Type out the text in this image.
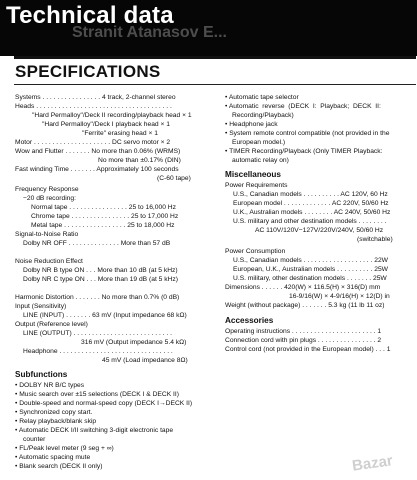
Technical data
Stranit Atanasov E...
SPECIFICATIONS
Systems . . . . . . . . . . . . . . . . 4 track, 2-channel stereo
Heads . . . . . . . . . . . . . . . . . . . . . . . . . . . . . . . . . . . . .
"Hard Permalloy"/Deck II recording/playback head × 1
"Hard Permalloy"/Deck I playback head × 1
"Ferrite" erasing head × 1
Motor . . . . . . . . . . . . . . . . . . . . . DC servo motor × 2
Wow and Flutter . . . . . . . No more than 0.06% (WRMS)
No more than ±0.17% (DIN)
Fast winding Time . . . . . . . Approximately 100 seconds
(C-60 tape)
Frequency Response
−20 dB recording:
Normal tape . . . . . . . . . . . . . . . . 25 to 16,000 Hz
Chrome tape . . . . . . . . . . . . . . . . 25 to 17,000 Hz
Metal tape . . . . . . . . . . . . . . . . . 25 to 18,000 Hz
Signal-to-Noise Ratio
Dolby NR OFF . . . . . . . . . . . . . . More than 57 dB
Noise Reduction Effect
Dolby NR B type ON . . . More than 10 dB (at 5 kHz)
Dolby NR C type ON . . . More than 19 dB (at 5 kHz)
Harmonic Distortion . . . . . . . No more than 0.7% (0 dB)
Input (Sensitivity)
LINE (INPUT) . . . . . . . 63 mV (Input impedance 68 kΩ)
Output (Reference level)
LINE (OUTPUT) . . . . . . . . . . . . . . . . . . . . . . . . . . .
316 mV (Output impedance 5.4 kΩ)
Headphone . . . . . . . . . . . . . . . . . . . . . . . . . . . . . . .
45 mV (Load impedance 8Ω)
Subfunctions
• DOLBY NR B/C types
• Music search over ±15 selections (DECK I & DECK II)
• Double-speed and normal-speed copy (DECK I→DECK II)
• Synchronized copy start.
• Relay playback/blank skip
• Automatic DECK I/II switching 3-digit electronic tape
counter
• FL/Peak level meter (9 seg + ∞)
• Automatic spacing mute
• Blank search (DECK II only)
• Automatic tape selector
• Automatic  reverse  (DECK  I:  Playback;  DECK  II:
Recording/Playback)
• Headphone jack
• System remote control compatible (not provided in the
European model.)
• TIMER Recording/Playback (Only TIMER Playback:
automatic relay on)
Miscellaneous
Power Requirements
U.S., Canadian models . . . . . . . . . . AC 120V, 60 Hz
European model . . . . . . . . . . . . . AC 220V, 50/60 Hz
U.K., Australian models . . . . . . . . AC 240V, 50/60 Hz
U.S. military and other destination models . . . . . . . .
AC 110V/120V−127V/220V/240V, 50/60 Hz
(switchable)
Power Consumption
U.S., Canadian models . . . . . . . . . . . . . . . . . . . 22W
European, U.K., Australian models . . . . . . . . . . 25W
U.S. military, other destination models . . . . . . . 25W
Dimensions . . . . . . 420(W) × 116.5(H) × 316(D) mm
16-9/16(W) × 4-9/16(H) × 12(D) in
Weight (without package) . . . . . . . 5.3 kg (11 lb 11 oz)
Accessories
Operating instructions . . . . . . . . . . . . . . . . . . . . . . . 1
Connection cord with pin plugs . . . . . . . . . . . . . . . . 2
Control cord (not provided in the European model) . . . 1
Bazar
